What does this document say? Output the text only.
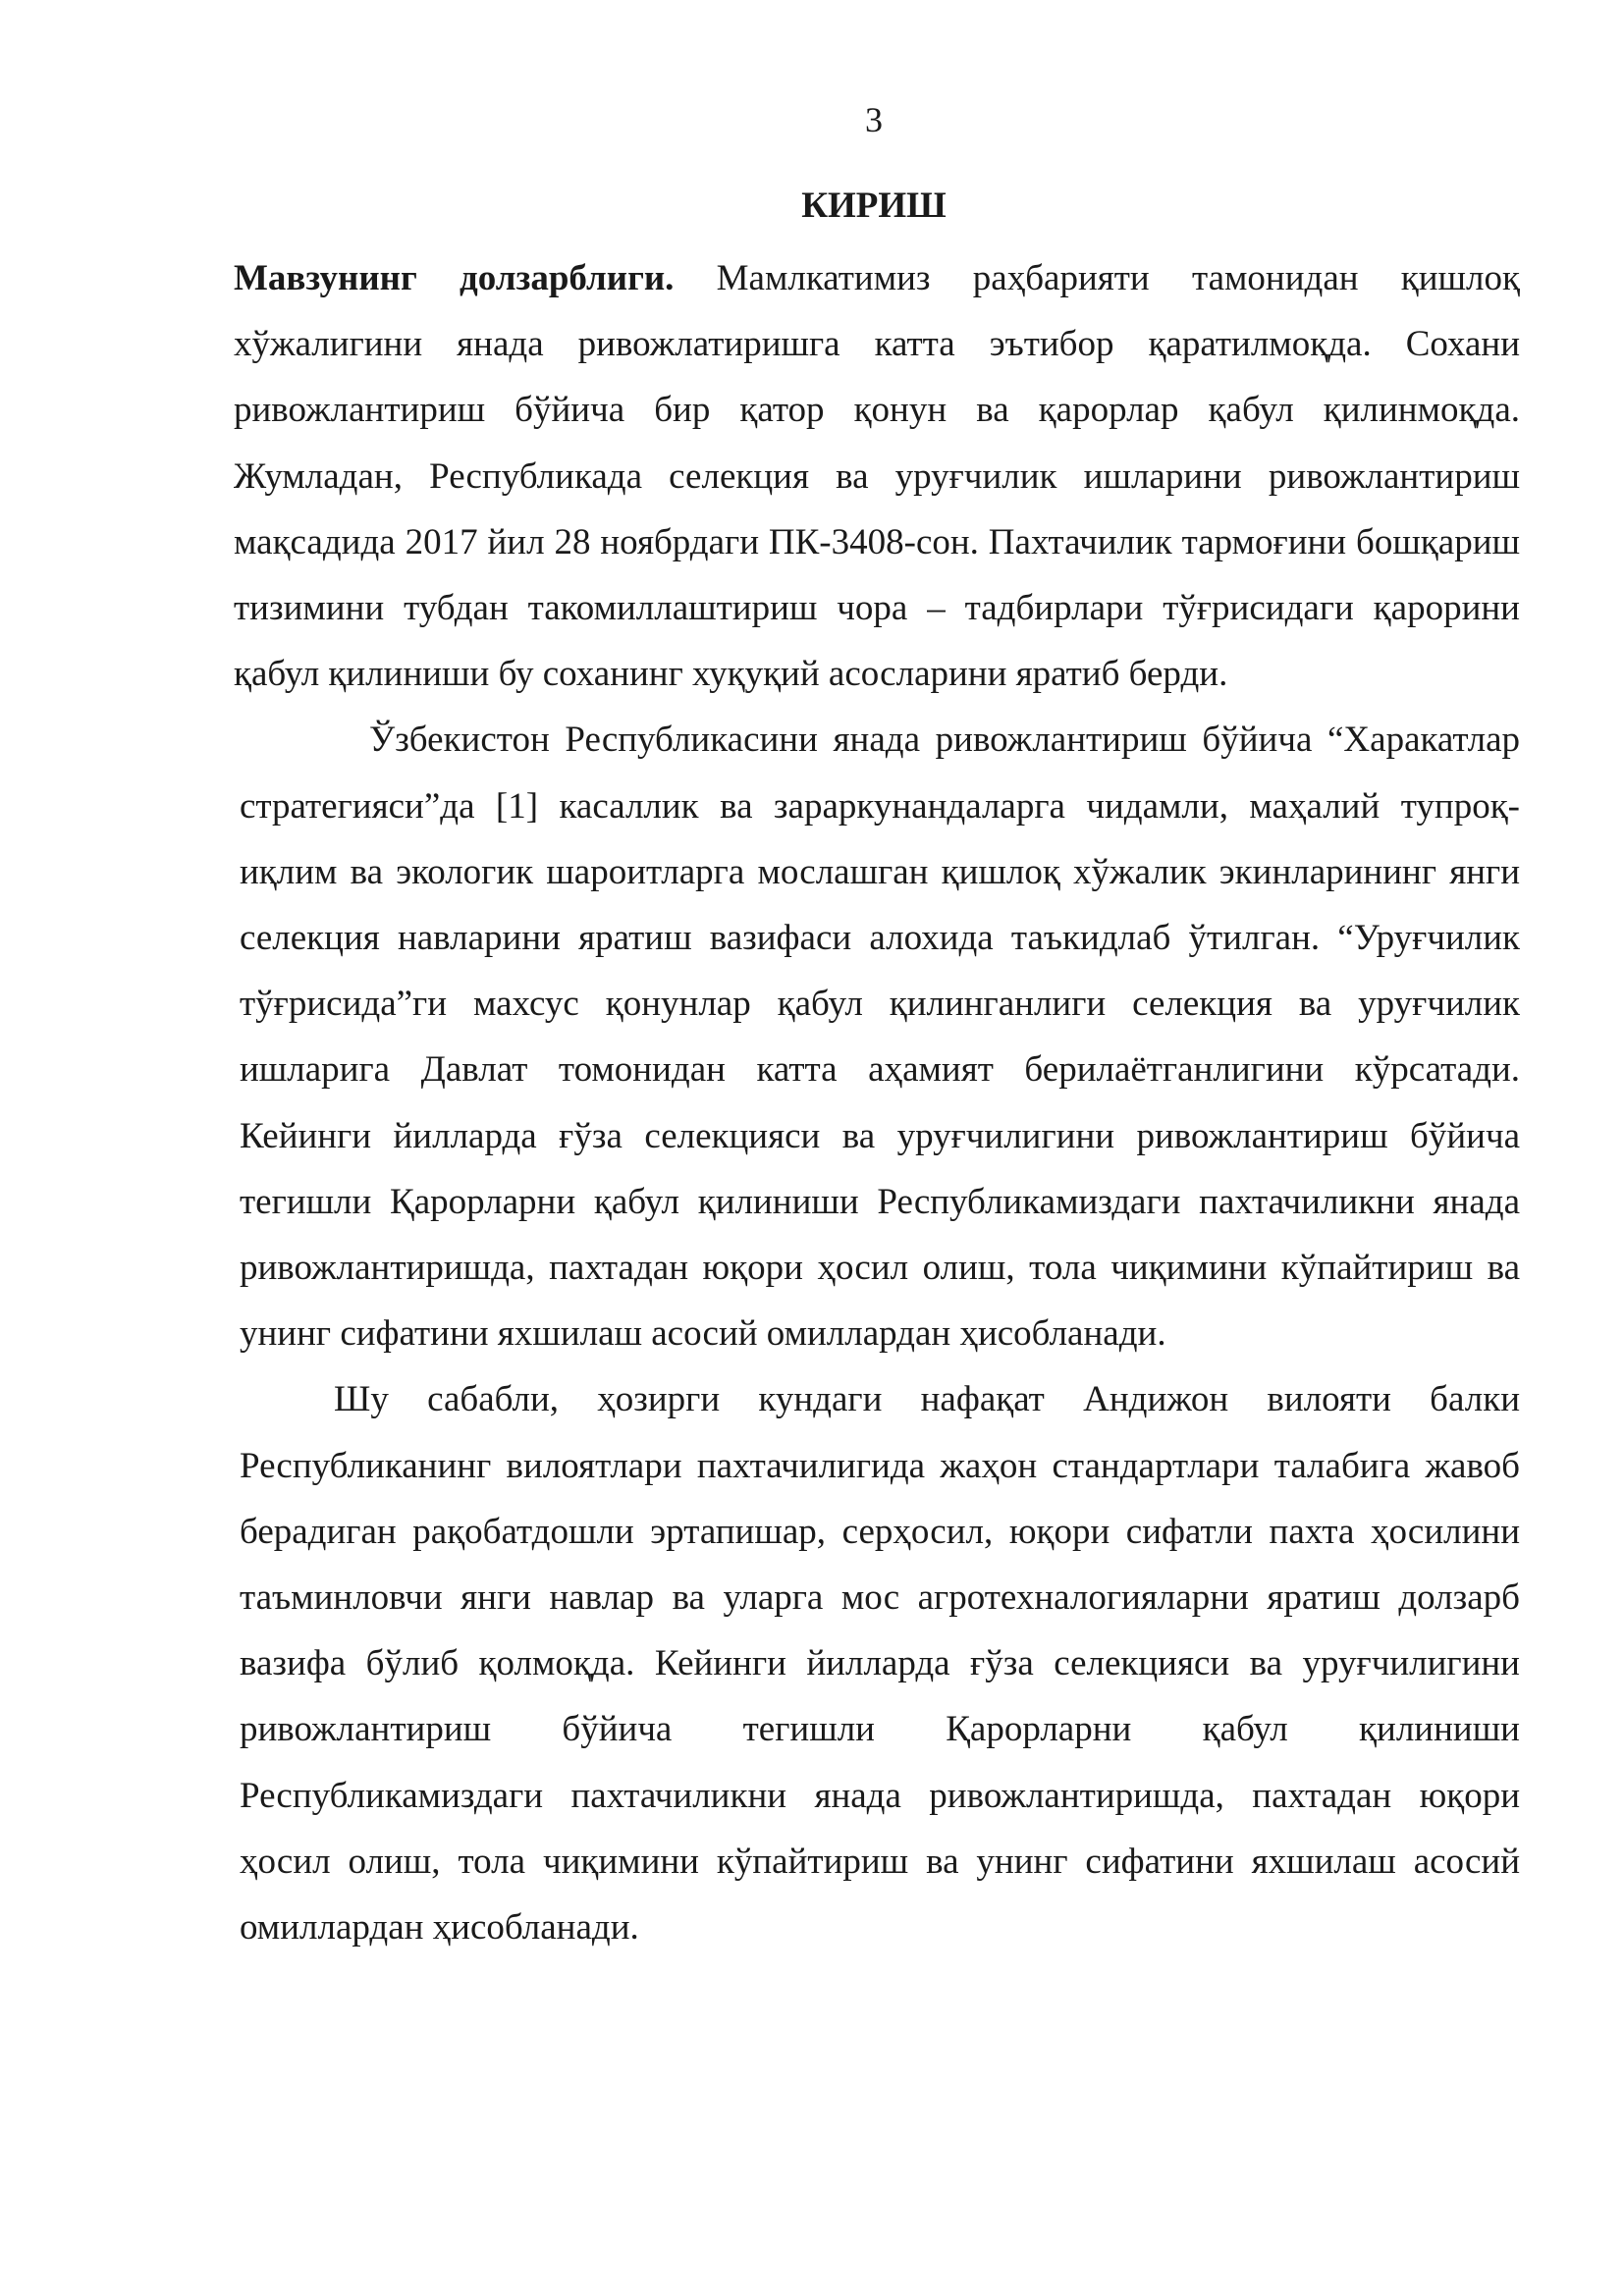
3
КИРИШ

Мавзунинг долзарблиги. Мамлкатимиз раҳбарияти тамонидан қишлоқ хўжалигини янада ривожлатиришга катта эътибор қаратилмоқда. Сохани ривожлантириш бўйича бир қатор қонун ва қарорлар қабул қилинмоқда. Жумладан, Республикада селекция ва уруғчилик ишларини ривожлантириш мақсадида 2017 йил 28 ноябрдаги ПК-3408-сон. Пахтачилик тармоғини бошқариш тизимини тубдан такомиллаштириш чора – тадбирлари тўғрисидаги қарорини қабул қилиниши бу соханинг хуқуқий асосларини яратиб берди.

Ўзбекистон Республикасини янада ривожлантириш бўйича “Харакатлар стратегияси”да [1] касаллик ва зараркунандаларга чидамли, маҳалий тупроқ-иқлим ва экологик шароитларга мослашган қишлоқ хўжалик экинларининг янги селекция навларини яратиш вазифаси алохида таъкидлаб ўтилган. “Уруғчилик тўғрисида”ги махсус қонунлар қабул қилинганлиги селекция ва уруғчилик ишларига Давлат томонидан катта аҳамият берилаётганлигини кўрсатади. Кейинги йилларда ғўза селекцияси ва уруғчилигини ривожлантириш бўйича тегишли Қарорларни қабул қилиниши Республикамиздаги пахтачиликни янада ривожлантиришда, пахтадан юқори ҳосил олиш, тола чиқимини кўпайтириш ва унинг сифатини яхшилаш асосий омиллардан ҳисобланади.

Шу сабабли, ҳозирги кундаги нафақат Андижон вилояти балки Республиканинг вилоятлари пахтачилигида жаҳон стандартлари талабига жавоб берадиган рақобатдошли эртапишар, серҳосил, юқори сифатли пахта ҳосилини таъминловчи янги навлар ва уларга мос агротехналогияларни яратиш долзарб вазифа бўлиб қолмоқда. Кейинги йилларда ғўза селекцияси ва уруғчилигини ривожлантириш бўйича тегишли Қарорларни қабул қилиниши Республикамиздаги пахтачиликни янада ривожлантиришда, пахтадан юқори ҳосил олиш, тола чиқимини кўпайтириш ва унинг сифатини яхшилаш асосий омиллардан ҳисобланади.
